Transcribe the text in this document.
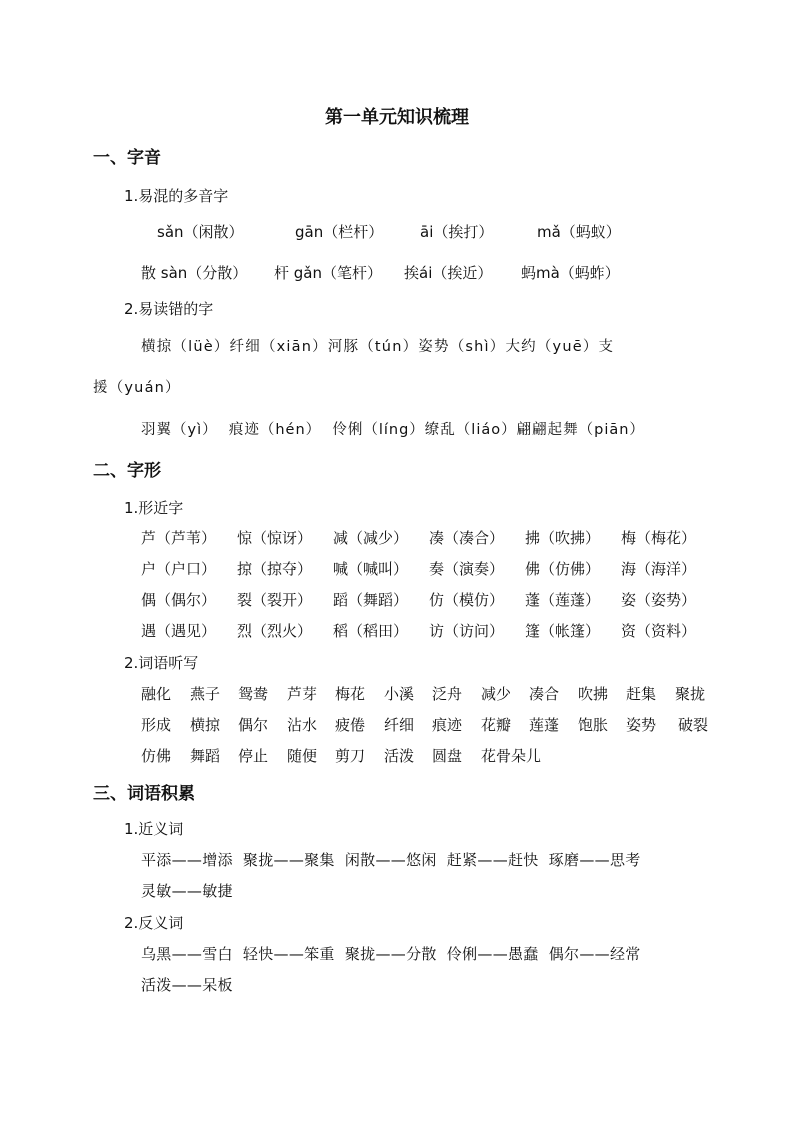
第一单元知识梳理
一、字音
1.易混的多音字
sǎn（闲散）	gān（栏杆） āi（挨打）	mǎ（蚂蚁）
散 sàn（分散） 杆 gǎn（笔杆） 挨ái（挨近） 蚂mà（蚂蚱）
2.易读错的字
横掠（lüè）纤细（xiān）河豚（tún）姿势（shì）大约（yuē）支
援（yuán）
羽翼（yì）  痕迹（hén）  伶俐（líng）缭乱（liáo）翩翩起舞（piān）
二、字形
1.形近字
芦（芦苇） 惊（惊讶） 减（减少） 凑（凑合） 拂（吹拂） 梅（梅花）
户（户口） 掠（掠夺） 喊（喊叫） 奏（演奏） 佛（仿佛） 海（海洋）
偶（偶尔） 裂（裂开） 蹈（舞蹈） 仿（模仿） 蓬（莲蓬） 姿（姿势）
遇（遇见） 烈（烈火） 稻（稻田） 访（访问） 篷（帐篷） 资（资料）
2.词语听写
融化 燕子 鸳鸯 芦芽 梅花 小溪 泛舟 减少 凑合 吹拂 赶集 聚拢
形成 横掠 偶尔 沾水 疲倦 纤细 痕迹 花瓣 莲蓬 饱胀 姿势 破裂
仿佛 舞蹈 停止 随便 剪刀 活泼 圆盘 花骨朵儿
三、词语积累
1.近义词
平添——增添  聚拢——聚集  闲散——悠闲  赶紧——赶快  琢磨——思考
灵敏——敏捷
2.反义词
乌黑——雪白  轻快——笨重  聚拢——分散  伶俐——愚蠢  偶尔——经常
活泼——呆板
